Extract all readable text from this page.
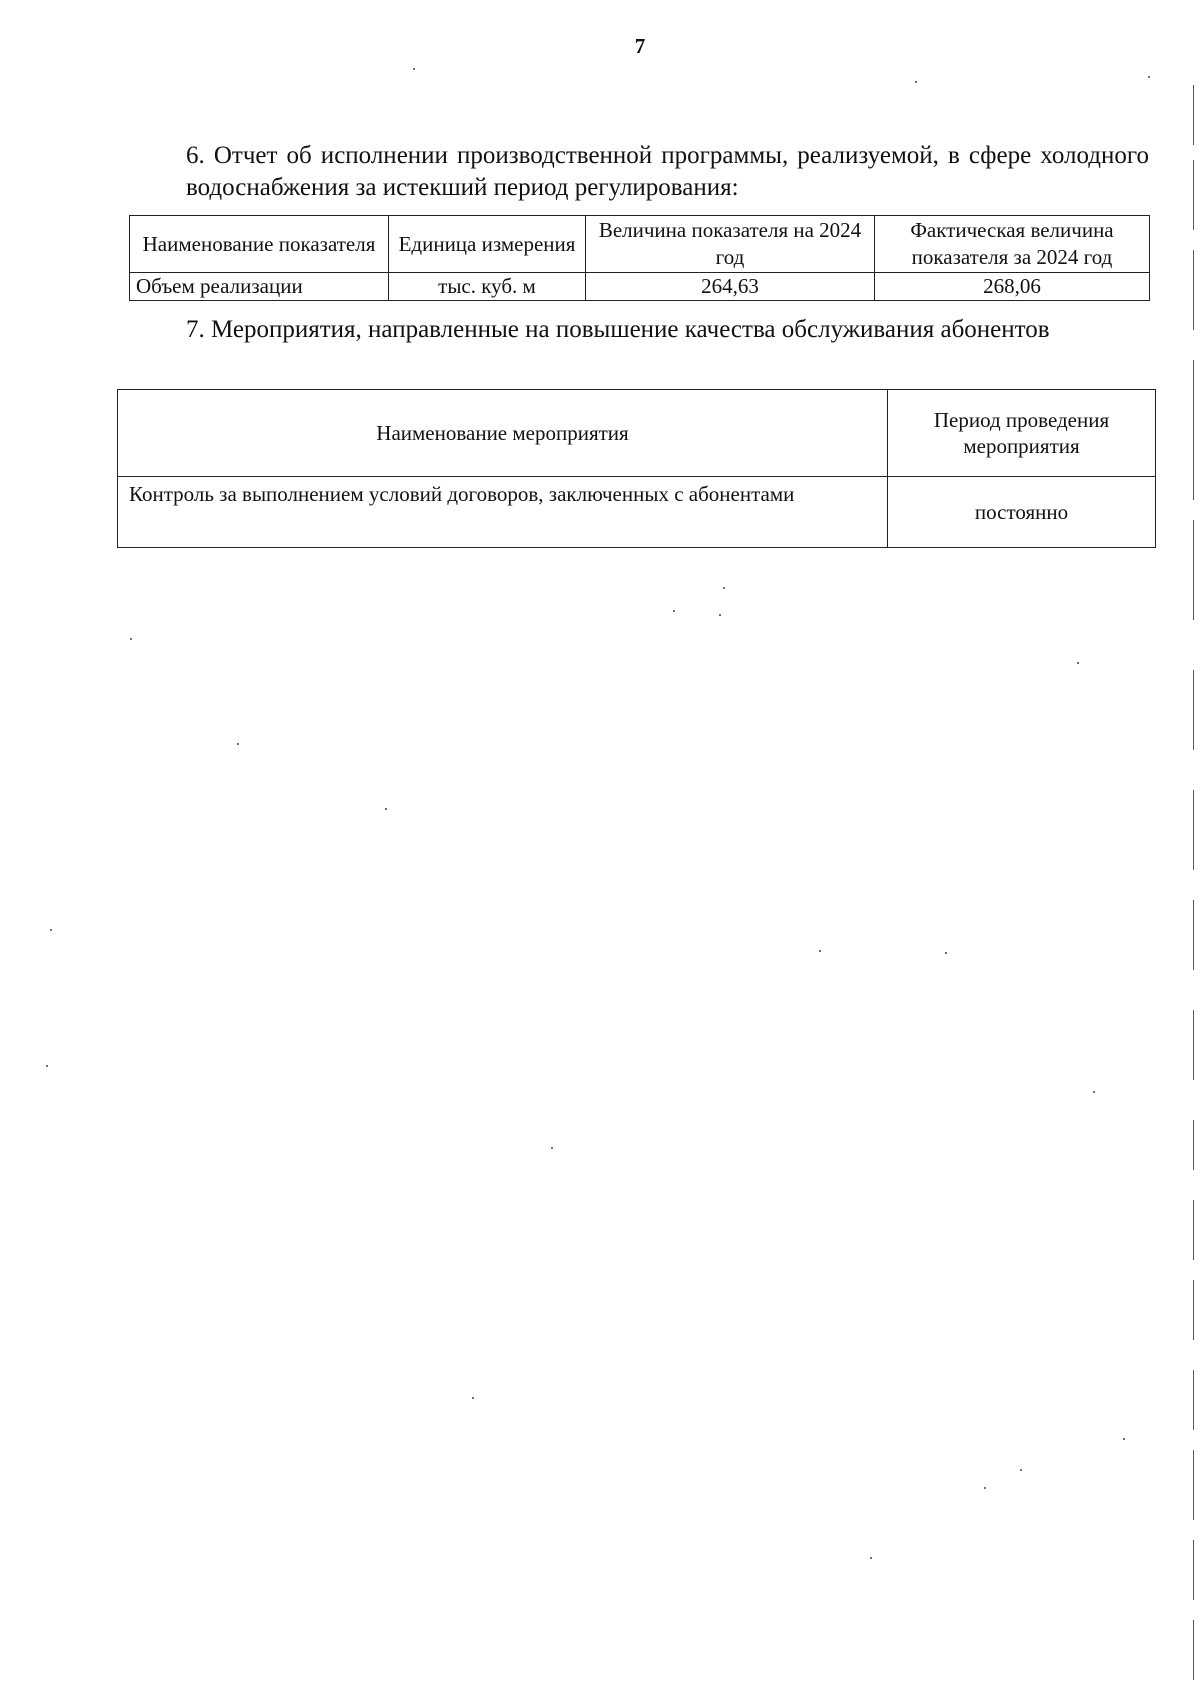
7
6. Отчет об исполнении производственной программы, реализуемой, в сфере холодного водоснабжения за истекший период регулирования:
Наименование показателя	Единица измерения	Величина показателя на 2024 год	Фактическая величина показателя за 2024 год
Объем реализации	тыс. куб. м	264,63	268,06
7. Мероприятия, направленные на повышение качества обслуживания абонентов
Наименование мероприятия	Период проведения мероприятия
Контроль за выполнением условий договоров, заключенных с абонентами	постоянно
